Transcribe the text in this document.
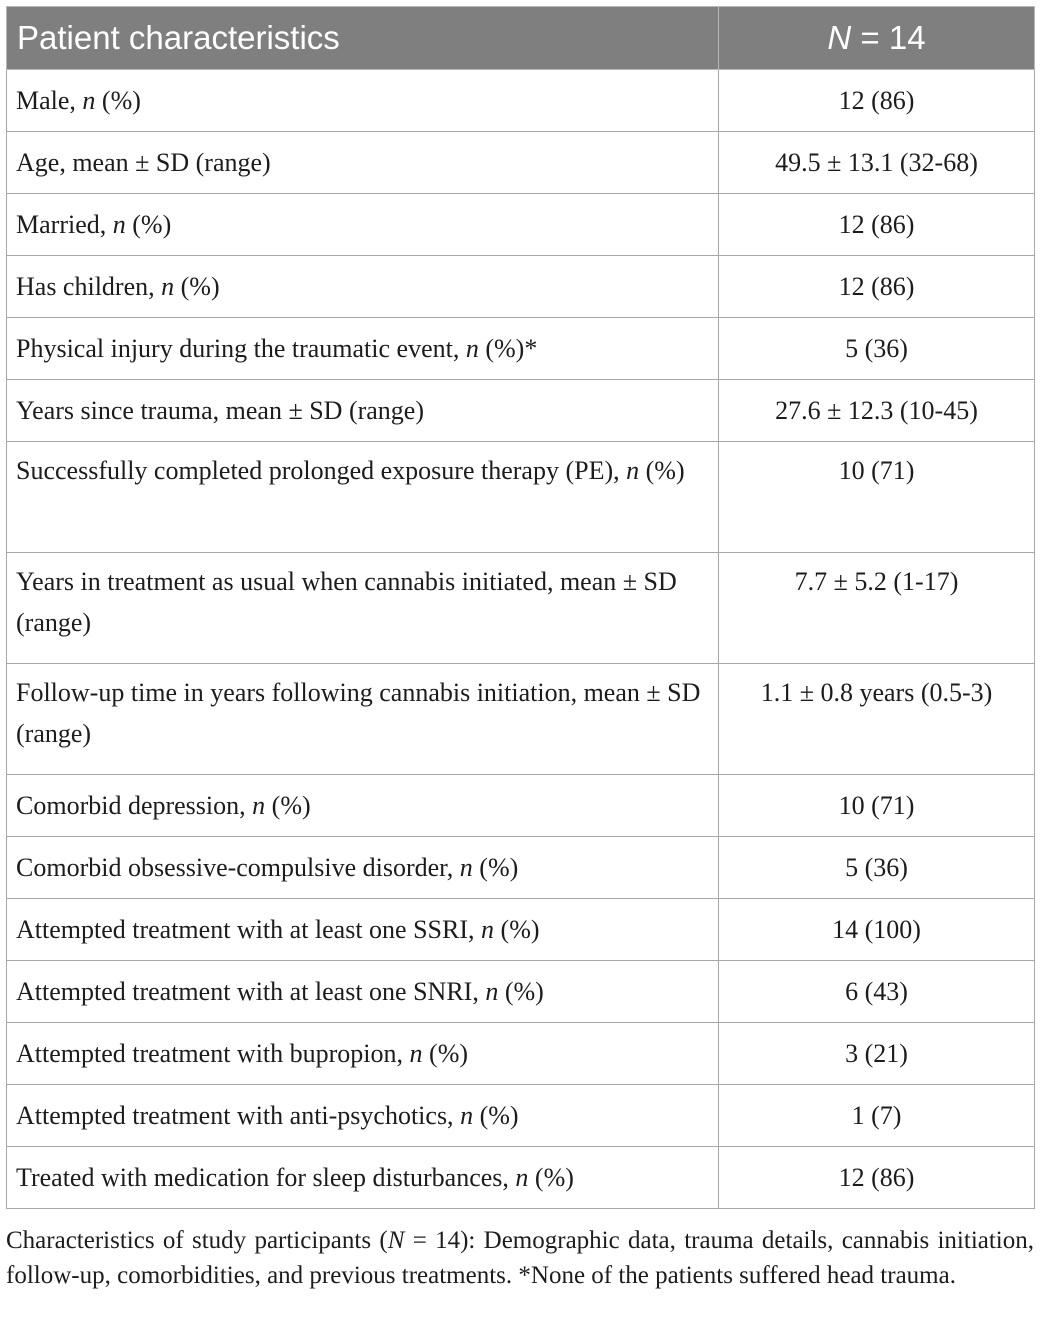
Patient characteristics	N = 14
Male, n (%)	12 (86)
Age, mean ± SD (range)	49.5 ± 13.1 (32-68)
Married, n (%)	12 (86)
Has children, n (%)	12 (86)
Physical injury during the traumatic event, n (%)*	5 (36)
Years since trauma, mean ± SD (range)	27.6 ± 12.3 (10-45)
Successfully completed prolonged exposure therapy (PE), n (%)	10 (71)
Years in treatment as usual when cannabis initiated, mean ± SD (range)	7.7 ± 5.2 (1-17)
Follow-up time in years following cannabis initiation, mean ± SD (range)	1.1 ± 0.8 years (0.5-3)
Comorbid depression, n (%)	10 (71)
Comorbid obsessive-compulsive disorder, n (%)	5 (36)
Attempted treatment with at least one SSRI, n (%)	14 (100)
Attempted treatment with at least one SNRI, n (%)	6 (43)
Attempted treatment with bupropion, n (%)	3 (21)
Attempted treatment with anti-psychotics, n (%)	1 (7)
Treated with medication for sleep disturbances, n (%)	12 (86)

Characteristics of study participants (N = 14): Demographic data, trauma details, cannabis initiation, follow-up, comorbidities, and previous treatments. *None of the patients suffered head trauma.
